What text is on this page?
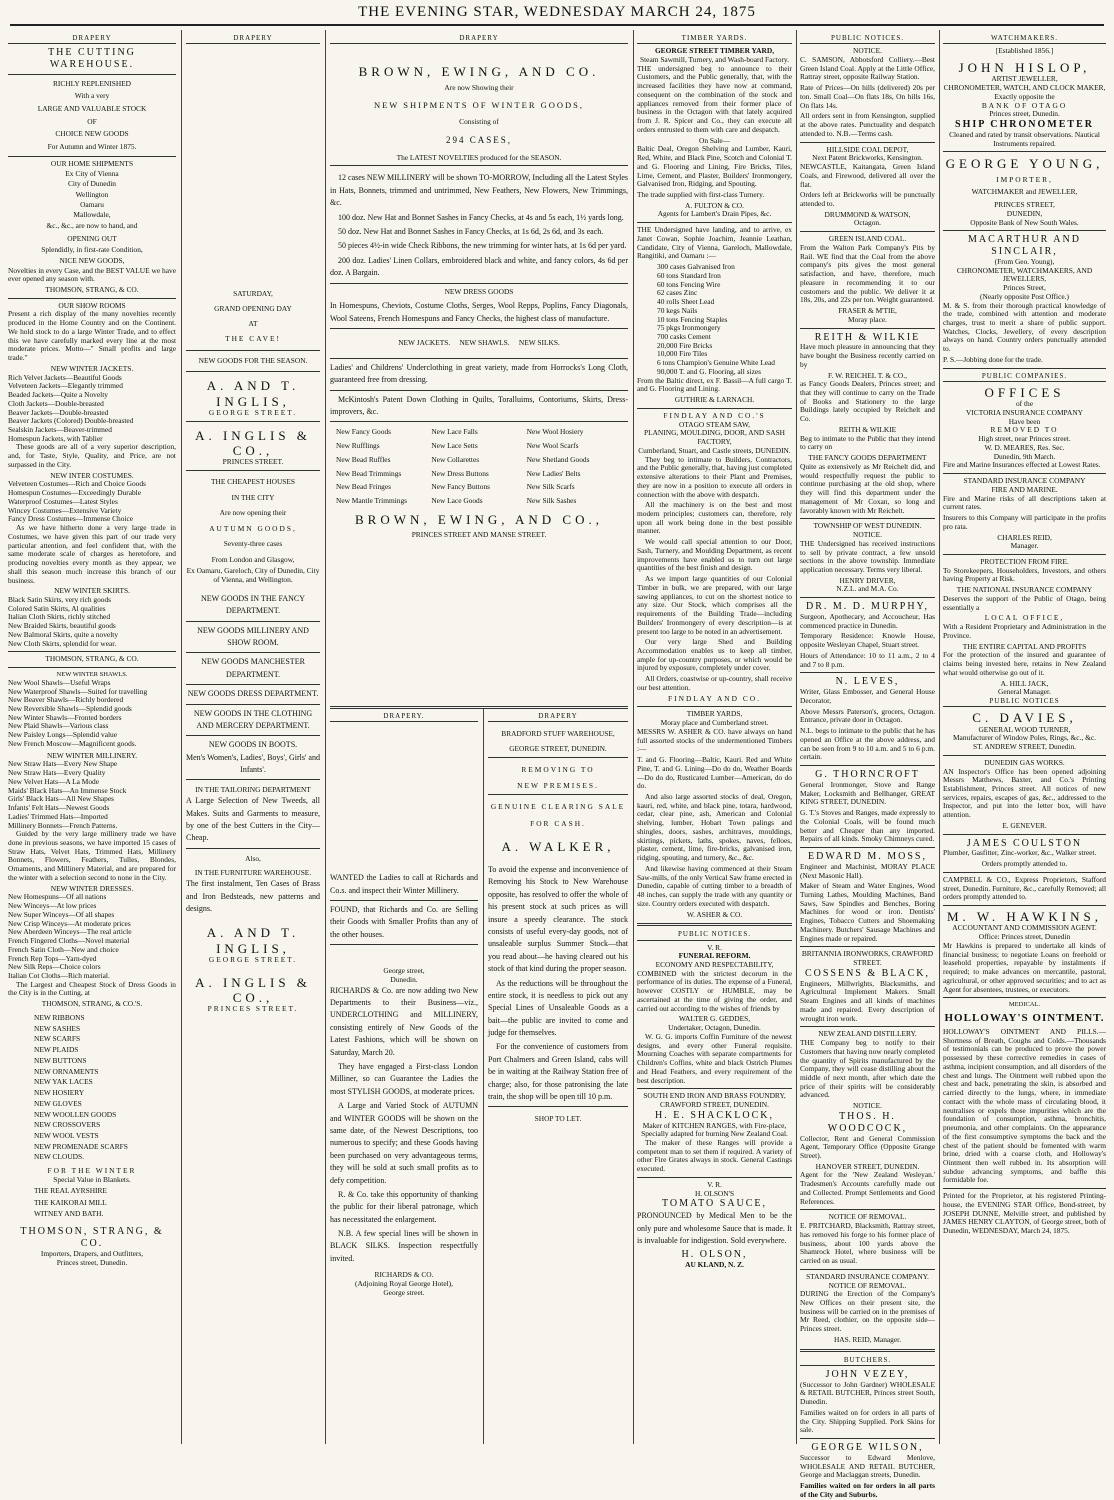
THE EVENING STAR, WEDNESDAY MARCH 24, 1875
DRAPERY
THE CUTTING WAREHOUSE.
RICHLY REPLENISHED
With a very
LARGE AND VALUABLE STOCK
OF
CHOICE NEW GOODS
For Autumn and Winter 1875.
OUR HOME SHIPMENTS
Ex City of Vienna
City of Dunedin
Wellington
Oamaru
Mallowdale,
&c., &c., are now to hand, and
OPENING OUT
Splendidly, in first-rate Condition,
NICE NEW GOODS,
Novelties in every Case, and the BEST VALUE we have ever opened any season with.
THOMSON, STRANG, & CO.
OUR SHOW ROOMS
Present a rich display of the many novelties recently produced in the Home Country and on the Continent. We hold stock to do a large Winter Trade, and to effect this we have carefully marked every line at the most moderate prices. Motto—" Small profits and large trade."
NEW WINTER JACKETS.
Rich Velvet Jackets—Beautiful Goods
Velveteen Jackets—Elegantly trimmed
Beaded Jackets—Quite a Novelty
Cloth Jackets—Double-breasted
Beaver Jackets—Double-breasted
Beaver Jackets (Colored) Double-breasted
Sealskin Jackets—Beaver-trimmed
Homespun Jackets, with Tablier
These goods are all of a very superior description, and, for Taste, Style, Quality, and Price, are not surpassed in the City.
NEW INTER COSTUMES.
Velveteen Costumes—Rich and Choice Goods
Homespun Costumes—Exceedingly Durable
Waterproof Costumes—Latest Styles
Wincey Costumes—Extensive Variety
Fancy Dress Costumes—Immense Choice
As we have hitherto done a very large trade in Costumes, we have given this part of our trade very particular attention, and feel confident that, with the same moderate scale of charges as heretofore, and producing novelties every month as they appear, we shall this season much increase this branch of our business.
NEW WINTER SKIRTS.
Black Satin Skirts, very rich goods
Colored Satin Skirts, Al qualities
Italian Cloth Skirts, richly stitched
New Braided Skirts, beautiful goods
New Balmoral Skirts, quite a novelty
New Cloth Skirts, splendid for wear.
THOMSON, STRANG, & CO.
NEW WINTER SHAWLS.
New Wool Shawls—Useful Wraps
New Waterproof Shawls—Suited for travelling
New Beaver Shawls—Richly bordered
New Reversible Shawls—Splendid goods
New Winter Shawls—Fronted borders
New Plaid Shawls—Various class
New Paisley Longs—Splendid value
New French Moscow—Magnificent goods.
NEW WINTER MILLINERY.
New Straw Hats—Every New Shape
New Straw Hats—Every Quality
New Velvet Hats—A La Mode
Maids' Black Hats—An Immense Stock
Girls' Black Hats—All New Shapes
Infants' Felt Hats—Newest Goods
Ladies' Trimmed Hats—Imported
Millinery Bonnets—French Patterns.
Guided by the very large millinery trade we have done in previous seasons, we have imported 15 cases of Straw Hats, Velvet Hats, Trimmed Hats, Millinery Bonnets, Flowers, Feathers, Tulles, Blondes, Ornaments, and Millinery Material, and are prepared for the winter with a selection second to none in the City.
NEW WINTER DRESSES.
New Homespuns—Of all nations
New Winceys—At low prices
New Super Winceys—Of all shapes
New Crisp Winceys—At moderate prices
New Aberdeen Winceys—The real article
French Fingered Cloths—Novel material
French Satin Cloth—New and choice
French Rep Tops—Yarn-dyed
New Silk Reps—Choice colors
Italian Cot Cloths—Rich material.
The Largest and Cheapest Stock of Dress Goods in the City is in the Cutting, at
THOMSON, STRANG, & CO.'S.
NEW RIBBONS
NEW SASHES
NEW SCARFS
NEW PLAIDS
NEW BUTTONS
NEW ORNAMENTS
NEW YAK LACES
NEW HOSIERY
NEW GLOVES
NEW WOOLLEN GOODS
NEW CROSSOVERS
NEW WOOL VESTS
NEW PROMENADE SCARFS
NEW CLOUDS.
FOR THE WINTER
Special Value in Blankets.
THE REAL AYRSHIRE
THE KAIKORAI MILL
WITNEY AND BATH.
THOMSON, STRANG, & CO.
Importers, Drapers, and Outfitters,
Princes street, Dunedin.
DRAPERY
SATURDAY,
GRAND OPENING DAY
AT
THE CAVE!
NEW GOODS FOR THE SEASON.
A. AND T. INGLIS,
GEORGE STREET.
A. INGLIS & CO.,
PRINCES STREET.
THE CHEAPEST HOUSES
IN THE CITY
Are now opening their
AUTUMN GOODS,
Seventy-three cases
From London and Glasgow,
Ex Oamaru, Gareloch, City of Dunedin, City of Vienna, and Wellington.
NEW GOODS IN THE FANCY DEPARTMENT.
NEW GOODS MILLINERY AND SHOW ROOM.
NEW GOODS MANCHESTER DEPARTMENT.
NEW GOODS DRESS DEPARTMENT.
NEW GOODS IN THE CLOTHING AND MERCERY DEPARTMENT.
NEW GOODS IN BOOTS.
Men's Women's, Ladies', Boys', Girls' and Infants'.
IN THE TAILORING DEPARTMENT
A Large Selection of New Tweeds, all Makes. Suits and Garments to measure, by one of the best Cutters in the City—Cheap.
Also,
IN THE FURNITURE WAREHOUSE.
The first instalment, Ten Cases of Brass and Iron Bedsteads, new patterns and designs.
A. AND T. INGLIS,
GEORGE STREET.
A. INGLIS & CO.,
PRINCES STREET.
DRAPERY
BROWN, EWING, AND CO.
Are now Showing their
NEW SHIPMENTS OF WINTER GOODS,
Consisting of
294 CASES,
The LATEST NOVELTIES produced for the SEASON.
12 cases NEW MILLINERY will be shown TO-MORROW, Including all the Latest Styles in Hats, Bonnets, trimmed and untrimmed, New Feathers, New Flowers, New Trimmings, &c.
100 doz. New Hat and Bonnet Sashes in Fancy Checks, at 4s and 5s each, 1½ yards long.
50 doz. New Hat and Bonnet Sashes in Fancy Checks, at 1s 6d, 2s 6d, and 3s each.
50 pieces 4½-in wide Check Ribbons, the new trimming for winter hats, at 1s 6d per yard.
200 doz. Ladies' Linen Collars, embroidered black and white, and fancy colors, 4s 6d per doz. A Bargain.
NEW DRESS GOODS
In Homespuns, Cheviots, Costume Cloths, Serges, Wool Repps, Poplins, Fancy Diagonals, Wool Sateens, French Homespuns and Fancy Checks, the highest class of manufacture.
NEW JACKETS.     NEW SHAWLS.     NEW SILKS.
Ladies' and Childrens' Underclothing in great variety, made from Horrocks's Long Cloth, guaranteed free from dressing.
McKintosh's Patent Down Clothing in Quilts, Toralluims, Contoriums, Skirts, Dress-improvers, &c.
New Fancy Goods	New Lace Falls	New Wool Hosiery
New Rufflings	New Lace Setts	New Wool Scarfs
New Bead Ruffles	New Collarettes	New Shetland Goods
New Bead Trimmings	New Dress Buttons	New Ladies' Belts
New Bead Fringes	New Fancy Buttons	New Silk Scarfs
New Mantle Trimmings	New Lace Goods	New Silk Sashes
BROWN, EWING, AND CO.,
PRINCES STREET AND MANSE STREET.
DRAPERY.
WANTED the Ladies to call at Richards and Co.s. and inspect their Winter Millinery.
FOUND, that Richards and Co. are Selling their Goods with Smaller Profits than any of the other houses.
George street,
Dunedin.
RICHARDS & Co. are now adding two New Departments to their Business—viz., UNDERCLOTHING and MILLINERY, consisting entirely of New Goods of the Latest Fashions, which will be shown on Saturday, March 20.
They have engaged a First-class London Milliner, so can Guarantee the Ladies the most STYLISH GOODS, at moderate prices.
A Large and Varied Stock of AUTUMN and WINTER GOODS will be shown on the same date, of the Newest Descriptions, too numerous to specify; and these Goods having been purchased on very advantageous terms, they will be sold at such small profits as to defy competition.
R. & Co. take this opportunity of thanking the public for their liberal patronage, which has necessitated the enlargement.
N.B. A few special lines will be shown in BLACK SILKS. Inspection respectfully invited.
RICHARDS & CO.
(Adjoining Royal George Hotel),
George street.
DRAPERY
BRADFORD STUFF WAREHOUSE,
GEORGE STREET, DUNEDIN.
REMOVING TO
NEW PREMISES.
GENUINE CLEARING SALE
FOR CASH.
A. WALKER,
To avoid the expense and inconvenience of Removing his Stock to New Warehouse opposite, has resolved to offer the whole of his present stock at such prices as will insure a speedy clearance. The stock consists of useful every-day goods, not of unsaleable surplus Summer Stock—that you read about—he having cleared out his stock of that kind during the proper season.
As the reductions will be throughout the entire stock, it is needless to pick out any Special Lines of Unsaleable Goods as a bait—the public are invited to come and judge for themselves.
For the convenience of customers from Port Chalmers and Green Island, cabs will be in waiting at the Railway Station free of charge; also, for those patronising the late train, the shop will be open till 10 p.m.
SHOP TO LET.
TIMBER YARDS.
GEORGE STREET TIMBER YARD,
Steam Sawmill, Turnery, and Wash-board Factory.
THE undersigned beg to announce to their Customers, and the Public generally, that, with the increased facilities they have now at command, consequent on the combination of the stock and appliances removed from their former place of business in the Octagon with that lately acquired from J. R. Spicer and Co., they can execute all orders entrusted to them with care and despatch.
On Sale—
Baltic Deal, Oregon Shelving and Lumber, Kauri, Red, White, and Black Pine, Scotch and Colonial T. and G. Flooring and Lining, Fire Bricks, Tiles, Lime, Cement, and Plaster, Builders' Ironmongery, Galvanised Iron, Ridging, and Spouting.
The trade supplied with first-class Turnery.
A. FULTON & CO.
Agents for Lambert's Drain Pipes, &c.
THE Undersigned have landing, and to arrive, ex Janet Cowan, Sophie Joachim, Jeannie Leathan, Candidate, City of Vienna, Gareloch, Mallowdale, Rangitiki, and Oamaru :—
300 cases Galvanised Iron
60 tons Standard Iron
60 tons Fencing Wire
62 cases Zinc
40 rolls Sheet Lead
70 kegs Nails
10 tons Fencing Staples
75 pkgs Ironmongery
700 casks Cement
20,000 Fire Bricks
10,000 Fire Tiles
6 tons Champion's Genuine White Lead
90,000 T. and G. Flooring, all sizes
From the Baltic direct, ex F. Bassil—A full cargo T. and G. Flooring and Lining.
GUTHRIE & LARNACH.
FINDLAY AND CO.'S
OTAGO STEAM SAW,
PLANING, MOULDING, DOOR, AND SASH FACTORY,
Cumberland, Stuart, and Castle streets, DUNEDIN.
They beg to intimate to Builders, Contractors, and the Public generally, that, having just completed extensive alterations to their Plant and Premises, they are now in a position to execute all orders in connection with the above with despatch.
All the machinery is on the best and most modern principles; customers can, therefore, rely upon all work being done in the best possible manner.
We would call special attention to our Door, Sash, Turnery, and Moulding Department, as recent improvements have enabled us to turn out large quantities of the best finish and design.
As we import large quantities of our Colonial Timber in bulk, we are prepared, with our large sawing appliances, to cut on the shortest notice to any size. Our Stock, which comprises all the requirements of the Building Trade—including Builders' Ironmongery of every description—is at present too large to be noted in an advertisement.
Our very large Shed and Building Accommodation enables us to keep all timber, ample for up-country purposes, or which would be injured by exposure, completely under cover.
All Orders, coastwise or up-country, shall receive our best attention.
FINDLAY AND CO.
TIMBER YARDS,
Moray place and Cumberland street.
MESSRS W. ASHER & CO. have always on hand full assorted stocks of the undermentioned Timbers :—
T. and G. Flooring—Baltic, Kauri. Red and White Pine, T. and G. Lining—Do do do, Weather Boards—Do do do, Rusticated Lumber—American, do do do.
And also large assorted stocks of deal, Oregon, kauri, red, white, and black pine, totara, hardwood, cedar, clear pine, ash, American and Colonial shelving, lumber, Hobart Town palings and shingles, doors, sashes, architraves, mouldings, skirtings, pickets, laths, spokes, naves, felloes, plaster, cement, lime, fire-bricks, galvanised iron, ridging, spouting, and turnery, &c., &c.
And likewise having commenced at their Steam Saw-mills, of the only Vertical Saw frame erected in Dunedin, capable of cutting timber to a breadth of 48 inches, can supply the trade with any quantity or size. Country orders executed with despatch.
W. ASHER & CO.
PUBLIC NOTICES.
V. R.
FUNERAL REFORM.
ECONOMY AND RESPECTABILITY,
COMBINED with the strictest decorum in the performance of its duties. The expense of a Funeral, however COSTLY or HUMBLE, may be ascertained at the time of giving the order, and carried out according to the wishes of friends by
WALTER G. GEDDES,
Undertaker, Octagon, Dunedin.
W. G. G. imports Coffin Furniture of the newest designs, and every other Funeral requisite. Mourning Coaches with separate compartments for Children's Coffins, white and black Ostrich Plumes and Head Feathers, and every requirement of the best description.
SOUTH END IRON AND BRASS FOUNDRY,
CRAWFORD STREET, DUNEDIN.
H. E. SHACKLOCK,
Maker of KITCHEN RANGES, with Fire-place,
Specially adapted for burning New Zealand Coal.
The maker of these Ranges will provide a competent man to set them if required. A variety of other Fire Grates always in stock. General Castings executed.
V. R.
H. OLSON'S
TOMATO SAUCE,
PRONOUNCED by Medical Men to be the only pure and wholesome Sauce that is made. It is invaluable for indigestion. Sold everywhere.
H. OLSON,
AU KLAND, N. Z.
PUBLIC NOTICES.
NOTICE.
C. SAMSON, Abbotsford Colliery.—Best Green Island Coal. Apply at the Little Office, Rattray street, opposite Railway Station.
Rate of Prices—On hills (delivered) 20s per ton. Small Coal—On flats 18s, On hills 16s, On flats 14s.
All orders sent in from Kensington, supplied at the above rates. Punctuality and despatch attended to. N.B.—Terms cash.
HILLSIDE COAL DEPOT,
Next Patent Brickworks, Kensington.
NEWCASTLE, Kaitangata, Green Island Coals, and Firewood, delivered all over the flat.
Orders left at Brickworks will be punctually attended to.
DRUMMOND & WATSON,
Octagon.
GREEN ISLAND COAL.
From the Walton Park Company's Pits by Rail. WE find that the Coal from the above company's pits gives the most general satisfaction, and have, therefore, much pleasure in recommending it to our customers and the public. We deliver it at 18s, 20s, and 22s per ton. Weight guaranteed.
FRASER & M'TIE,
Moray place.
REITH & WILKIE
Have much pleasure in announcing that they have bought the Business recently carried on by
F. W. REICHEL T. & CO.,
as Fancy Goods Dealers, Princes street; and that they will continue to carry on the Trade of Books and Stationery to the large Buildings lately occupied by Reichelt and Co.
REITH & WILKIE
Beg to intimate to the Public that they intend to carry on
THE FANCY GOODS DEPARTMENT
Quite as extensively as Mr Reichelt did, and would respectfully request the public to continue purchasing at the old shop, where they will find this department under the management of Mr Coxan, so long and favorably known with Mr Reichelt.
TOWNSHIP OF WEST DUNEDIN.
NOTICE.
THE Undersigned has received instructions to sell by private contract, a few unsold sections in the above township. Immediate application necessary. Terms very liberal.
HENRY DRIVER,
N.Z.L. and M.A. Co.
DR. M. D. MURPHY,
Surgeon, Apothecary, and Accoucheur, Has commenced practice in Dunedin.
Temporary Residence: Knowle House, opposite Wesleyan Chapel, Stuart street.
Hours of Attendance: 10 to 11 a.m., 2 to 4 and 7 to 8 p.m.
N. LEVES,
Writer, Glass Embosser, and General House Decorator,
Above Messrs Paterson's, grocers, Octagon. Entrance, private door in Octagon.
N.L. begs to intimate to the public that he has opened an Office at the above address, and can be seen from 9 to 10 a.m. and 5 to 6 p.m. certain.
G. THORNCROFT
General Ironmonger, Stove and Range Maker, Locksmith and Bellhanger, GREAT KING STREET, DUNEDIN.
G. T.'s Stoves and Ranges, made expressly to the Colonial Coals, will be found much better and Cheaper than any imported. Repairs of all kinds. Smoky Chimneys cured.
EDWARD M. MOSS,
Engineer and Machinist, MORAY PLACE (Next Masonic Hall).
Maker of Steam and Water Engines, Wood Turning Lathes, Moulding Machines, Band Saws, Saw Spindles and Benches, Boring Machines for wood or iron. Dentists' Engines, Tobacco Cutters and Shoemaking Machinery. Butchers' Sausage Machines and Engines made or repaired.
BRITANNIA IRONWORKS, CRAWFORD STREET.
COSSENS & BLACK,
Engineers, Millwrights, Blacksmiths, and Agricultural Implement Makers. Small Steam Engines and all kinds of machines made and repaired. Every description of wrought iron work.
NEW ZEALAND DISTILLERY.
THE Company beg to notify to their Customers that having now nearly completed the quantity of Spirits manufactured by the Company, they will cease distilling about the middle of next month, after which date the price of their spirits will be considerably advanced.
NOTICE.
THOS. H. WOODCOCK,
Collector, Rent and General Commission Agent, Temporary Office (Opposite Grange Street).
HANOVER STREET, DUNEDIN.
Agent for the 'New Zealand Wesleyan.' Tradesmen's Accounts carefully made out and Collected. Prompt Settlements and Good References.
NOTICE OF REMOVAL.
E. PRITCHARD, Blacksmith, Rattray street, has removed his forge to his former place of business, about 100 yards above the Shamrock Hotel, where business will be carried on as usual.
STANDARD INSURANCE COMPANY.
NOTICE OF REMOVAL.
DURING the Erection of the Company's New Offices on their present site, the business will be carried on in the premises of Mr Reed, clothier, on the opposite side—Princes street.
HAS. REID, Manager.
BUTCHERS.
JOHN VEZEY,
(Successor to John Gardner) WHOLESALE & RETAIL BUTCHER, Princes street South, Dunedin.
Families waited on for orders in all parts of the City. Shipping Supplied. Pork Skins for sale.
GEORGE WILSON,
Successor to Edward Menlove, WHOLESALE AND RETAIL BUTCHER, George and Maclaggan streets, Dunedin.
Families waited on for orders in all parts of the City and Suburbs.
WATCHMAKERS.
[Established 1856.]
JOHN HISLOP,
ARTIST JEWELLER,
CHRONOMETER, WATCH, AND CLOCK MAKER,
Exactly opposite the
BANK OF OTAGO
Princes street, Dunedin.
SHIP CHRONOMETER
Cleaned and rated by transit observations. Nautical Instruments repaired.
GEORGE YOUNG,
IMPORTER,
WATCHMAKER and JEWELLER,
PRINCES STREET,
DUNEDIN,
Opposite Bank of New South Wales.
MACARTHUR AND SINCLAIR,
(From Geo. Young),
CHRONOMETER, WATCHMAKERS, AND JEWELLERS,
Princes Street,
(Nearly opposite Post Office.)
M. & S. from their thorough practical knowledge of the trade, combined with attention and moderate charges, trust to merit a share of public support. Watches, Clocks, Jewellery, of every description always on hand. Country orders punctually attended to.
P. S.—Jobbing done for the trade.
PUBLIC COMPANIES.
OFFICES
of the
VICTORIA INSURANCE COMPANY
Have been
REMOVED TO
High street, near Princes street.
W. D. MEARES, Res. Sec.
Dunedin, 9th March.
Fire and Marine Insurances effected at Lowest Rates.
STANDARD INSURANCE COMPANY
FIRE AND MARINE.
Fire and Marine risks of all descriptions taken at current rates.
Insurers to this Company will participate in the profits pro rata.
CHARLES REID,
Manager.
PROTECTION FROM FIRE.
To Storekeepers, Householders, Investors, and others having Property at Risk.
THE NATIONAL INSURANCE COMPANY
Deserves the support of the Public of Otago, being essentially a
LOCAL OFFICE,
With a Resident Proprietary and Administration in the Province.
THE ENTIRE CAPITAL AND PROFITS
For the protection of the insured and guarantee of claims being invested here, retains in New Zealand what would otherwise go out of it.
A. HILL JACK,
General Manager.
PUBLIC NOTICES
C. DAVIES,
GENERAL WOOD TURNER,
Manufacturer of Window Poles, Rings, &c., &c.
ST. ANDREW STREET, Dunedin.
DUNEDIN GAS WORKS.
AN Inspector's Office has been opened adjoining Messrs Matthews, Baxter, and Co.'s Printing Establishment, Princes street. All notices of new services, repairs, escapes of gas, &c., addressed to the Inspector, and put into the letter box, will have attention.
E. GENEVER.
JAMES COULSTON
Plumber, Gasfitter, Zinc-worker, &c., Walker street.
Orders promptly attended to.
CAMPBELL & CO., Express Proprietors, Stafford street, Dunedin. Furniture, &c., carefully Removed; all orders promptly attended to.
M. W. HAWKINS,
ACCOUNTANT AND COMMISSION AGENT.
Office: Princes street, Dunedin
Mr Hawkins is prepared to undertake all kinds of financial business; to negotiate Loans on freehold or leasehold properties, repayable by instalments if required; to make advances on mercantile, pastoral, agricultural, or other approved securities; and to act as Agent for absentees, trustees, or executors.
MEDICAL.
HOLLOWAY'S OINTMENT.
HOLLOWAY'S OINTMENT AND PILLS.—Shortness of Breath, Coughs and Colds.—Thousands of testimonials can be produced to prove the power possessed by these corrective remedies in cases of asthma, incipient consumption, and all disorders of the chest and lungs. The Ointment well rubbed upon the chest and back, penetrating the skin, is absorbed and carried directly to the lungs, where, in immediate contact with the whole mass of circulating blood, it neutralises or expels those impurities which are the foundation of consumption, asthma, bronchitis, pneumonia, and other complaints. On the appearance of the first consumptive symptoms the back and the chest of the patient should be fomented with warm brine, dried with a coarse cloth, and Holloway's Ointment then well rubbed in. Its absorption will subdue advancing symptoms, and baffle this formidable foe.
Printed for the Proprietor, at his registered Printing-house, the EVENING STAR Office, Bond-street, by JOSEPH DUNNE, Melville street, and published by JAMES HENRY CLAYTON, of George street, both of Dunedin, WEDNESDAY, March 24, 1875.
